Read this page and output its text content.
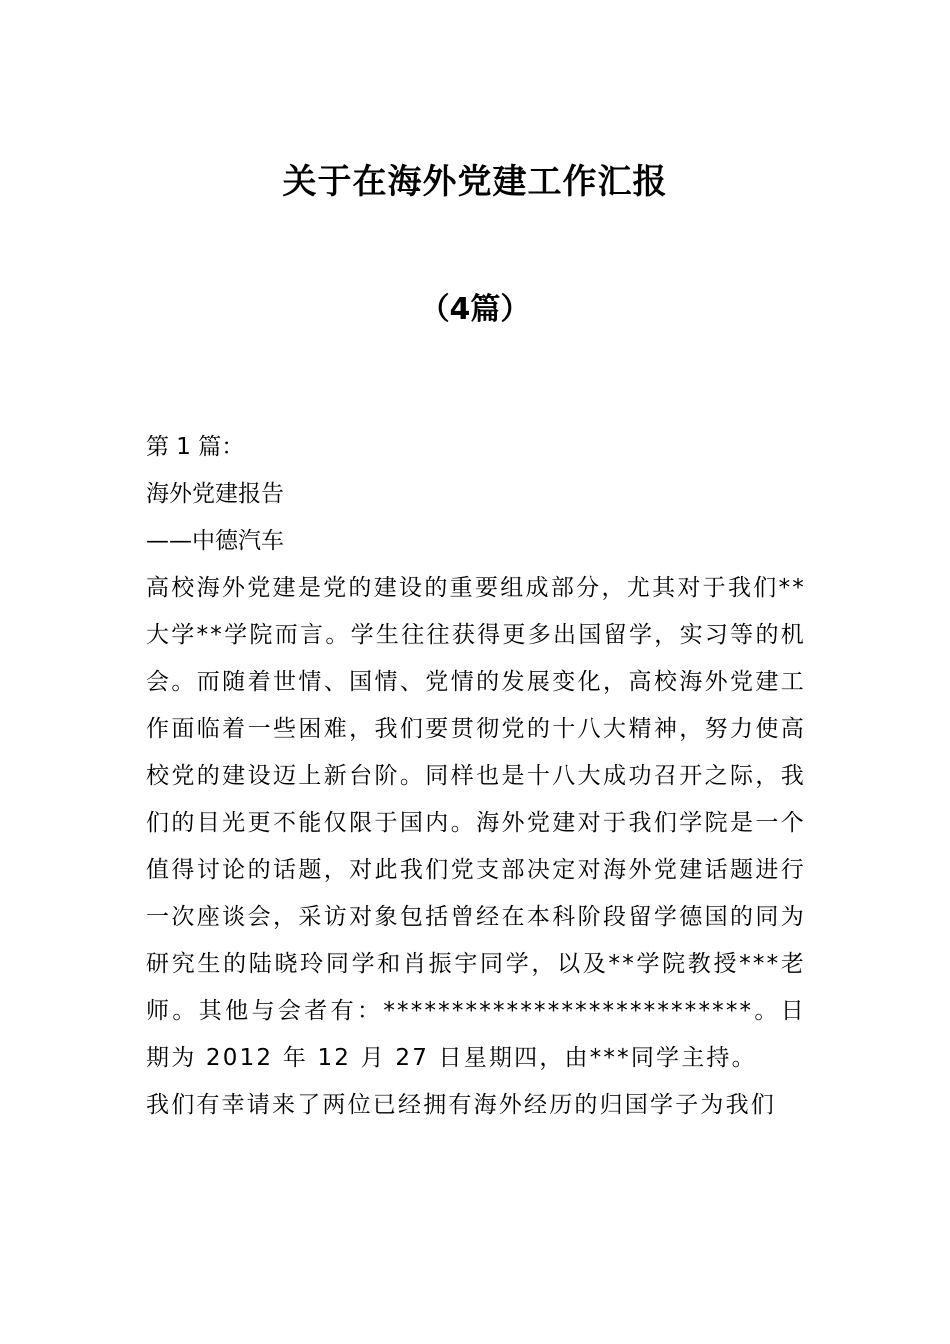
关于在海外党建工作汇报
（4篇）

第 1 篇：

海外党建报告

——中德汽车

高校海外党建是党的建设的重要组成部分，尤其对于我们**大学**学院而言。学生往往获得更多出国留学，实习等的机会。而随着世情、国情、党情的发展变化，高校海外党建工作面临着一些困难，我们要贯彻党的十八大精神，努力使高校党的建设迈上新台阶。同样也是十八大成功召开之际，我们的目光更不能仅限于国内。海外党建对于我们学院是一个值得讨论的话题，对此我们党支部决定对海外党建话题进行一次座谈会，采访对象包括曾经在本科阶段留学德国的同为研究生的陆晓玲同学和肖振宇同学，以及**学院教授***老师。其他与会者有：***************************。日期为 2012 年 12 月 27 日星期四，由***同学主持。

我们有幸请来了两位已经拥有海外经历的归国学子为我们
